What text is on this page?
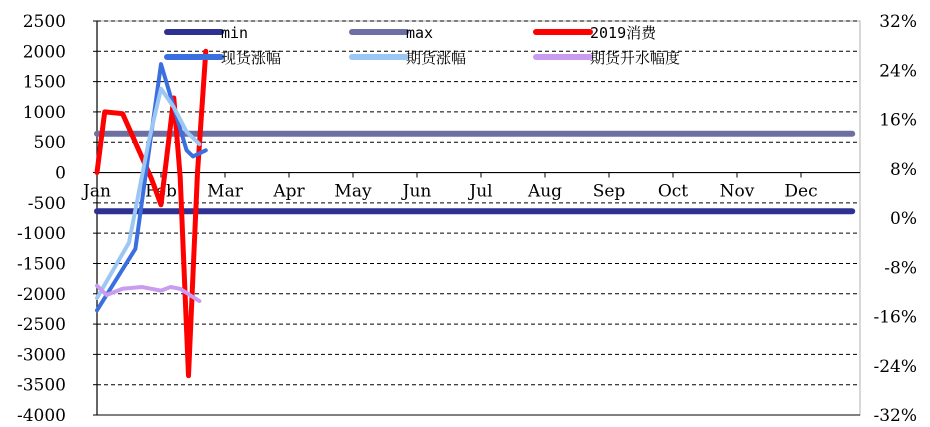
Jan Feb Mar Apr May Jun Jul Aug Sep Oct Nov Dec
2500
2000
1500
1000
500
0
-500
-1000
-1500
-2000
-2500
-3000
-3500
-4000
32%
24%
16%
8%
0%
-8%
-16%
-24%
-32%
min	max	2019消费
现货涨幅	期货涨幅	期货升水幅度
